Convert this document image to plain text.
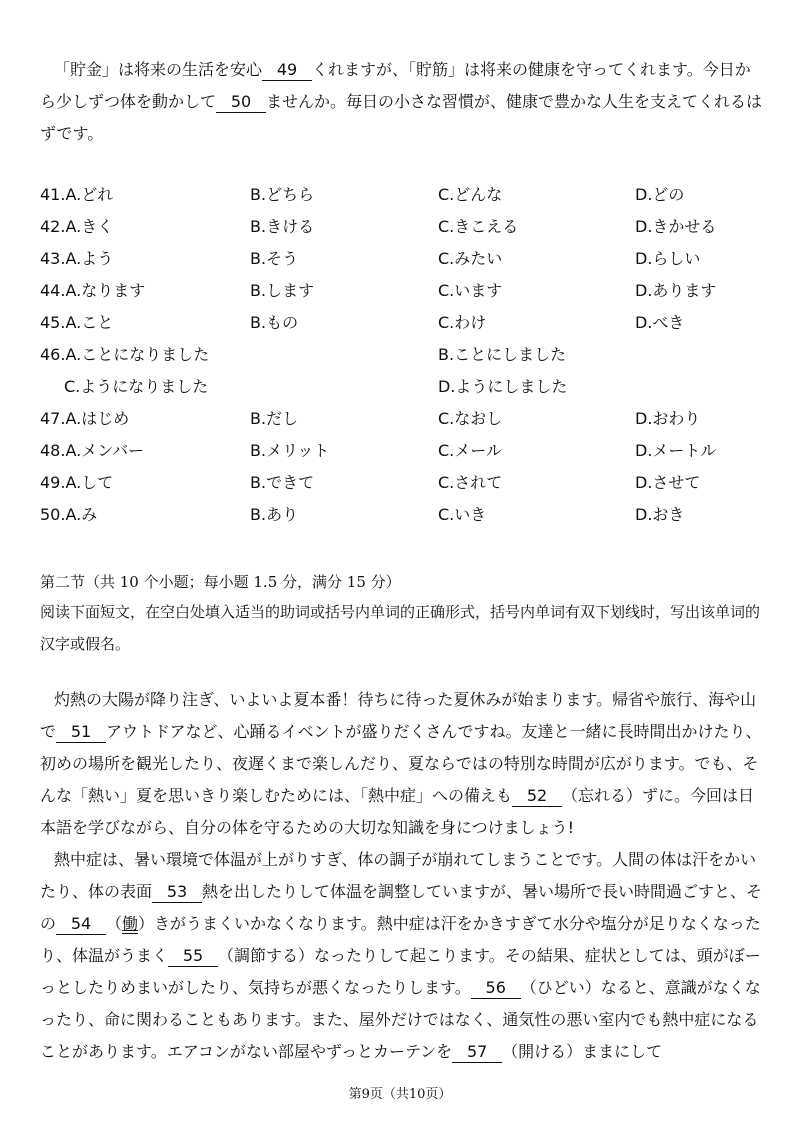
「貯金」は将来の生活を安心 49 くれますが、「貯筋」は将来の健康を守ってくれます。今日から少しずつ体を動かして 50 ませんか。毎日の小さな習慣が、健康で豊かな人生を支えてくれるはずです。

41.A.どれ	B.どちら	C.どんな	D.どの
42.A.きく	B.きける	C.きこえる	D.きかせる
43.A.よう	B.そう	C.みたい	D.らしい
44.A.なります	B.します	C.います	D.あります
45.A.こと	B.もの	C.わけ	D.べき
46.A.ことになりました	B.ことにしました
C.ようになりました	D.ようにしました
47.A.はじめ	B.だし	C.なおし	D.おわり
48.A.メンバー	B.メリット	C.メール	D.メートル
49.A.して	B.できて	C.されて	D.させて
50.A.み	B.あり	C.いき	D.おき

第二节（共 10 个小题；每小题 1.5 分，满分 15 分）

阅读下面短文，在空白处填入适当的助词或括号内单词的正确形式，括号内单词有双下划线时，写出该单词的汉字或假名。

灼熱の大陽が降り注ぎ、いよいよ夏本番！待ちに待った夏休みが始まります。帰省や旅行、海や山で 51 アウトドアなど、心踊るイベントが盛りだくさんですね。友達と一緒に長時間出かけたり、初めの場所を観光したり、夜遅くまで楽しんだり、夏ならではの特別な時間が広がります。でも、そんな「熱い」夏を思いきり楽しむためには、「熱中症」への備えも 52 （忘れる）ずに。今回は日本語を学びながら、自分の体を守るための大切な知識を身につけましょう!

熱中症は、暑い環境で体温が上がりすぎ、体の調子が崩れてしまうことです。人間の体は汗をかいたり、体の表面 53 熱を出したりして体温を調整していますが、暑い場所で長い時間過ごすと、その 54 （働）きがうまくいかなくなります。熱中症は汗をかきすぎて水分や塩分が足りなくなったり、体温がうまく 55 （調節する）なったりして起こります。その結果、症状としては、頭がぼーっとしたりめまいがしたり、気持ちが悪くなったりします。 56 （ひどい）なると、意識がなくなったり、命に関わることもあります。また、屋外だけではなく、通気性の悪い室内でも熱中症になることがあります。エアコンがない部屋やずっとカーテンを 57 （開ける）ままにして

第9页（共10页）
